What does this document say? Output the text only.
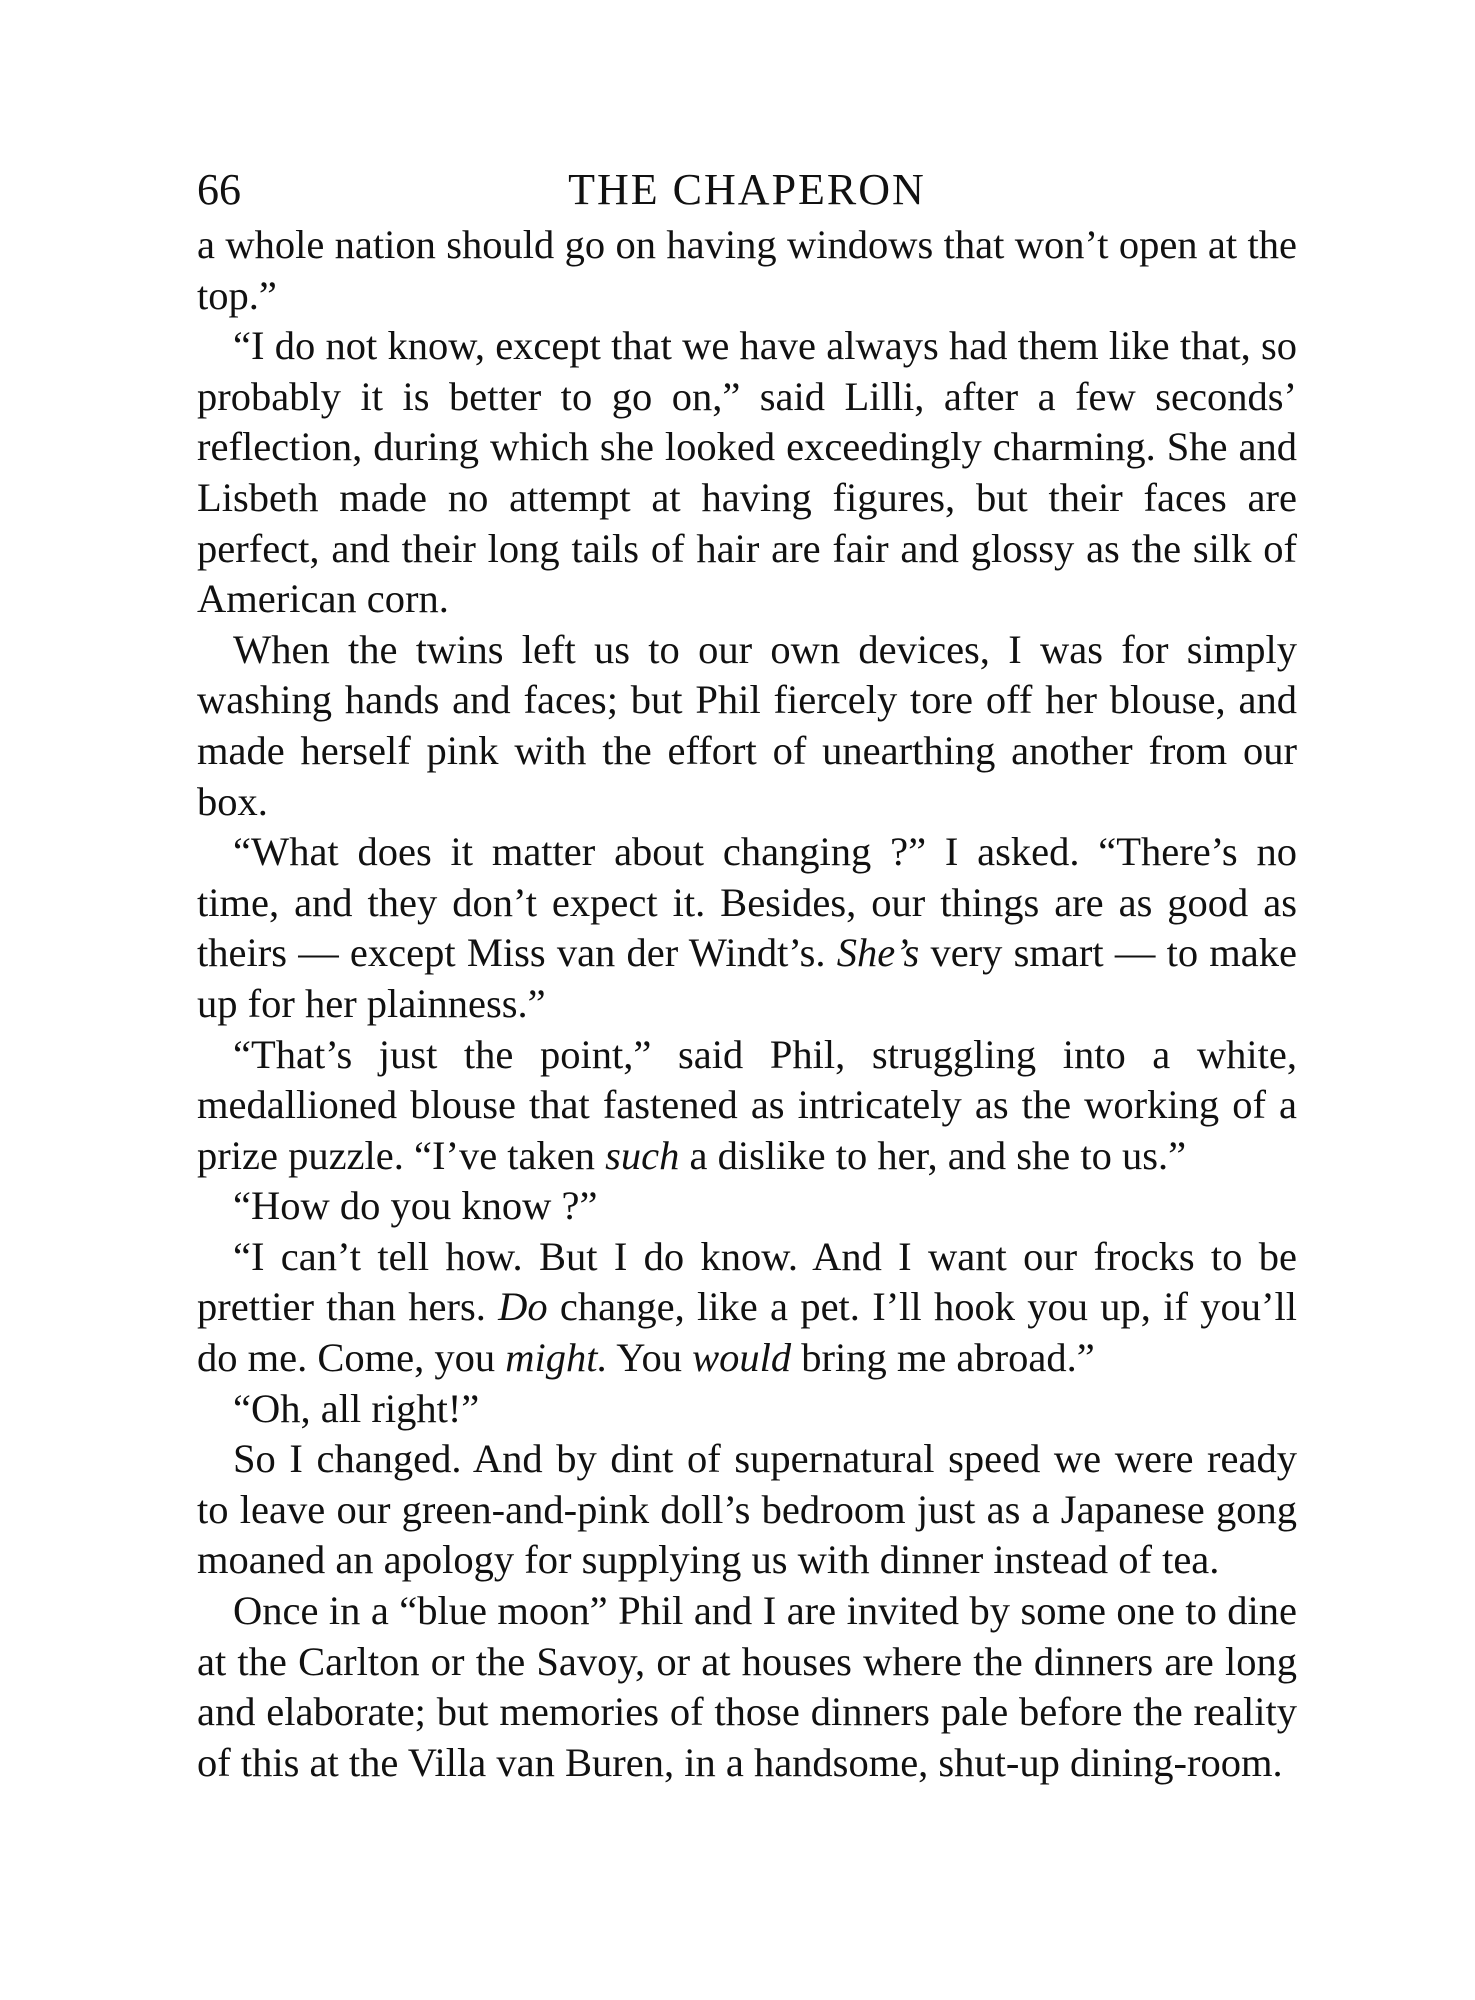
66	THE CHAPERON

a whole nation should go on having windows that won’t open at the top.”

“I do not know, except that we have always had them like that, so probably it is better to go on,” said Lilli, after a few seconds’ reflection, during which she looked exceedingly charming. She and Lisbeth made no attempt at having figures, but their faces are perfect, and their long tails of hair are fair and glossy as the silk of American corn.

When the twins left us to our own devices, I was for simply washing hands and faces; but Phil fiercely tore off her blouse, and made herself pink with the effort of unearthing another from our box.

“What does it matter about changing ?” I asked. “There’s no time, and they don’t expect it. Besides, our things are as good as theirs — except Miss van der Windt’s. She’s very smart — to make up for her plainness.”

“That’s just the point,” said Phil, struggling into a white, medallioned blouse that fastened as intricately as the working of a prize puzzle. “I’ve taken such a dislike to her, and she to us.”

“How do you know ?”

“I can’t tell how. But I do know. And I want our frocks to be prettier than hers. Do change, like a pet. I’ll hook you up, if you’ll do me. Come, you might. You would bring me abroad.”

“Oh, all right!”

So I changed. And by dint of supernatural speed we were ready to leave our green-and-pink doll’s bedroom just as a Japanese gong moaned an apology for supplying us with dinner instead of tea.

Once in a “blue moon” Phil and I are invited by some one to dine at the Carlton or the Savoy, or at houses where the dinners are long and elaborate; but memories of those dinners pale before the reality of this at the Villa van Buren, in a handsome, shut-up dining-room.
